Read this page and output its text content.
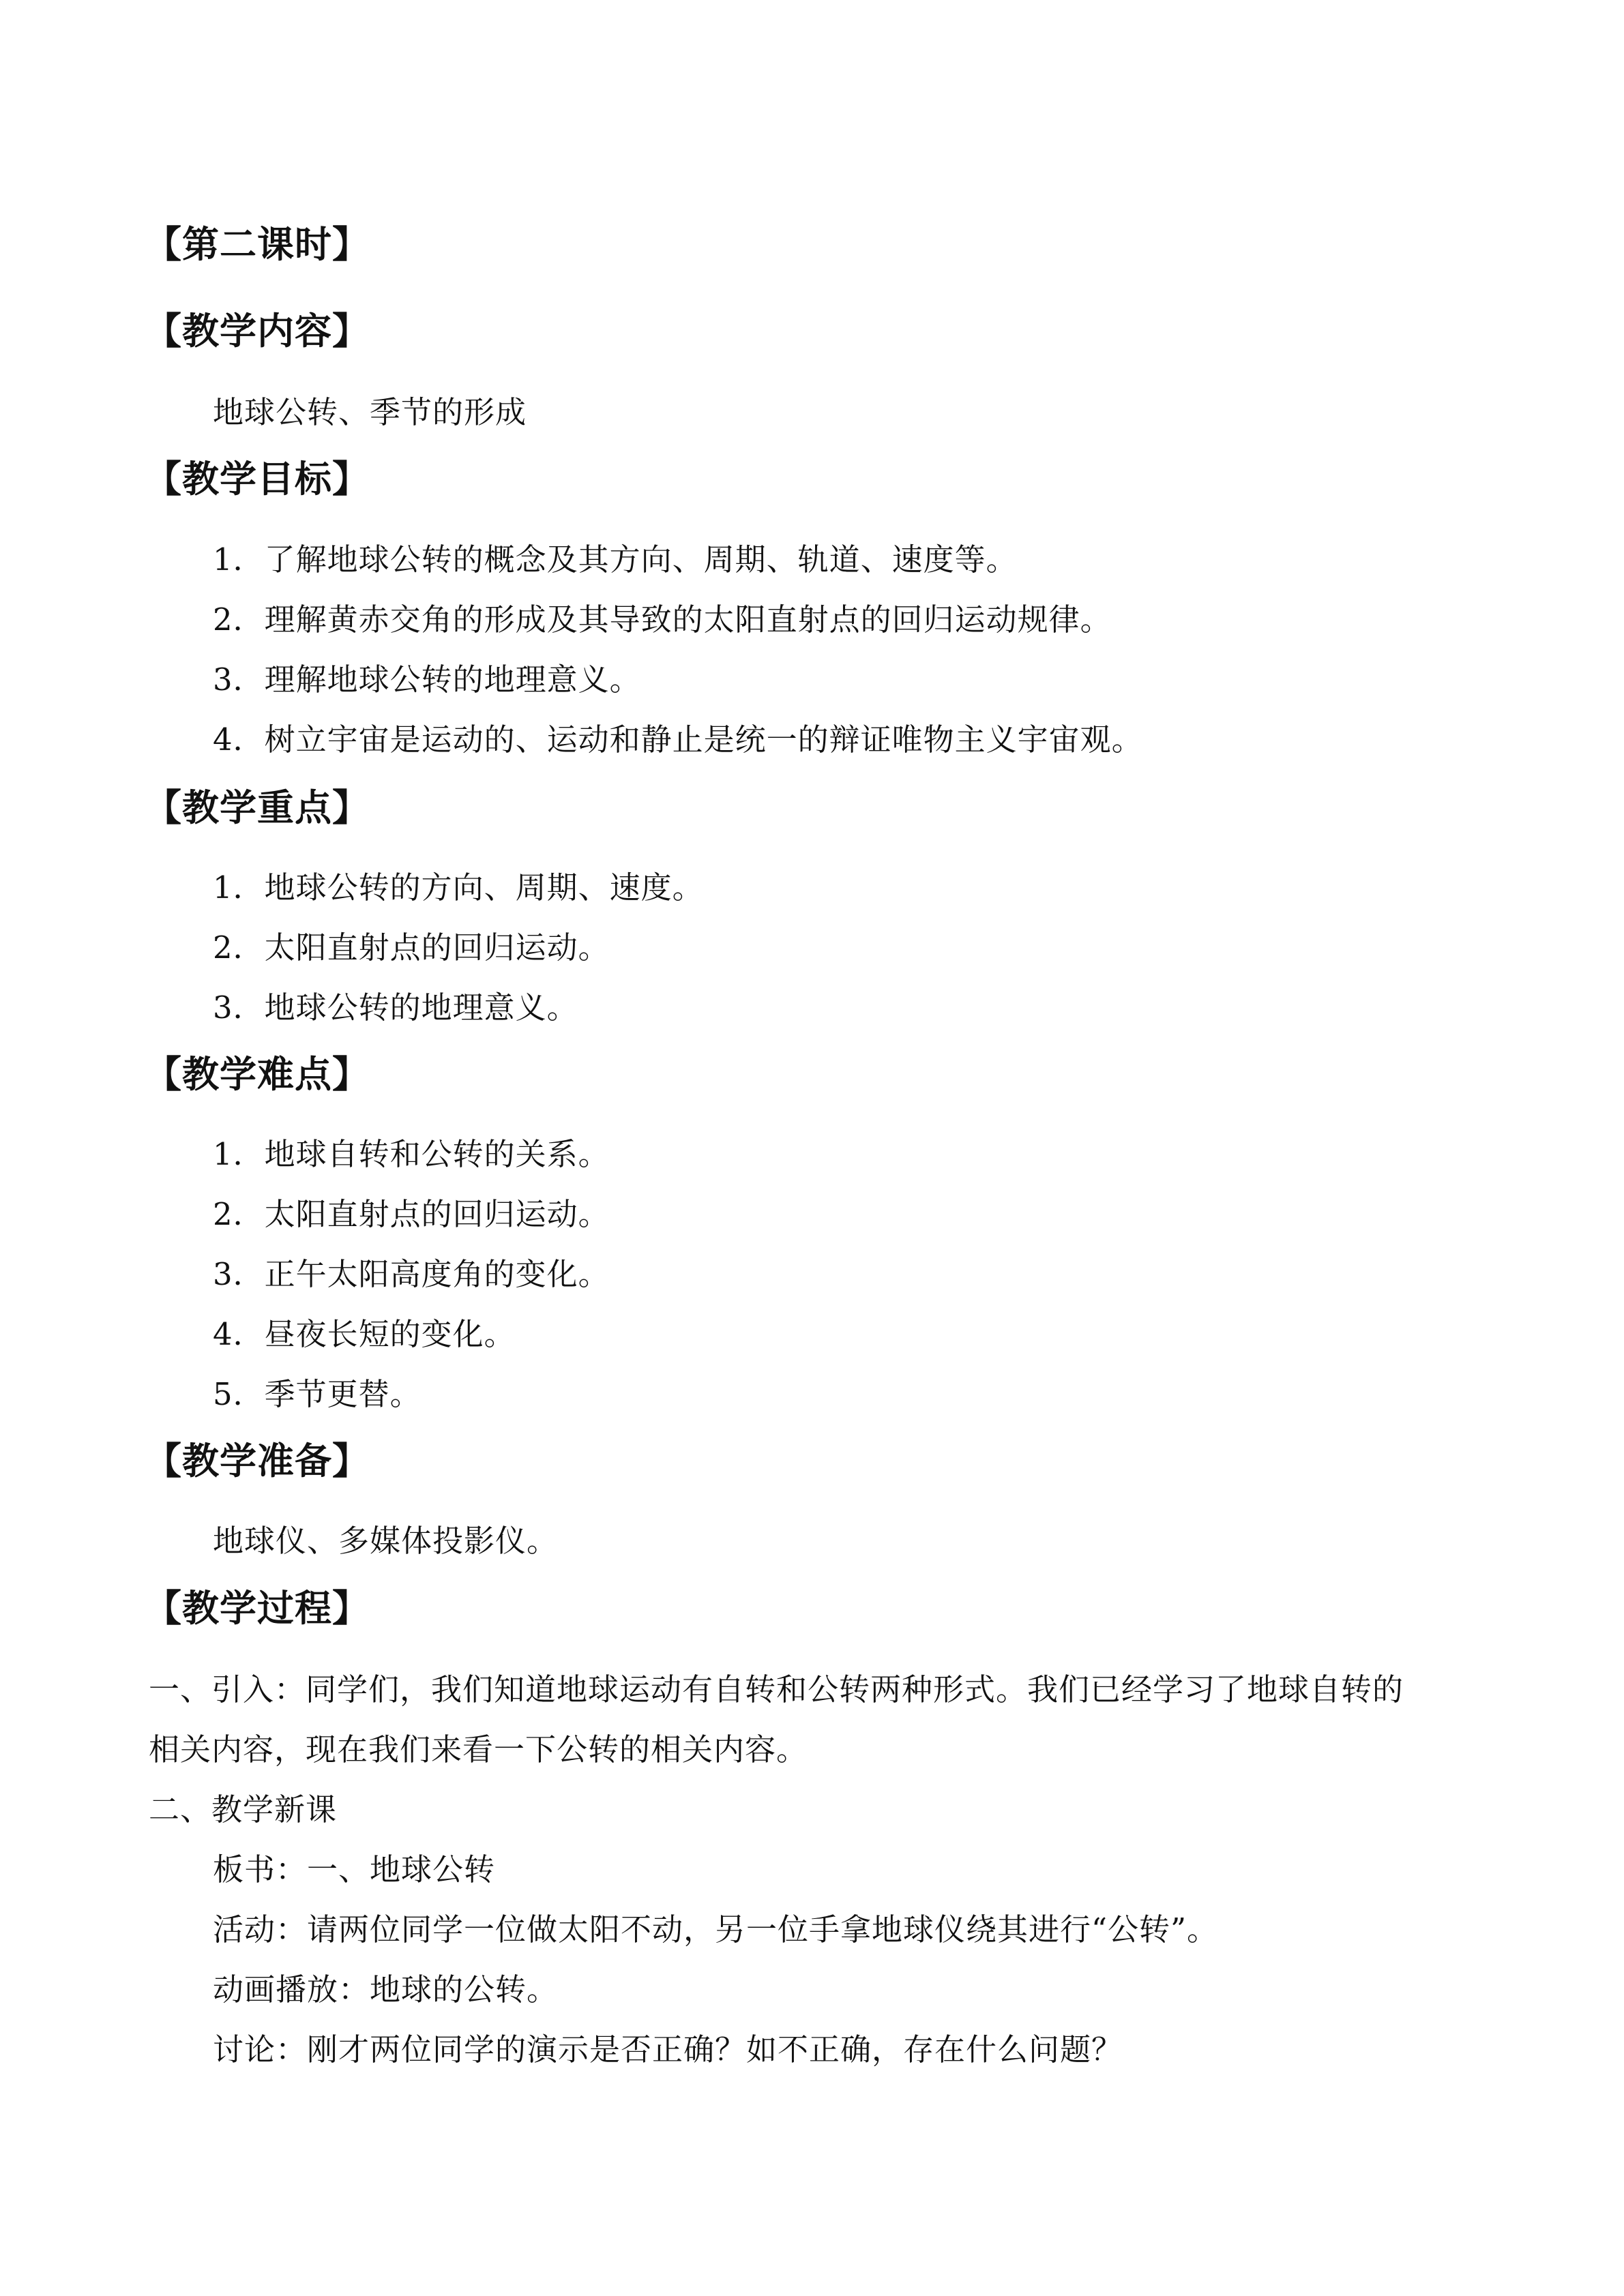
【第二课时】
【教学内容】
地球公转、季节的形成
【教学目标】
1．了解地球公转的概念及其方向、周期、轨道、速度等。
2．理解黄赤交角的形成及其导致的太阳直射点的回归运动规律。
3．理解地球公转的地理意义。
4．树立宇宙是运动的、运动和静止是统一的辩证唯物主义宇宙观。
【教学重点】
1．地球公转的方向、周期、速度。
2．太阳直射点的回归运动。
3．地球公转的地理意义。
【教学难点】
1．地球自转和公转的关系。
2．太阳直射点的回归运动。
3．正午太阳高度角的变化。
4．昼夜长短的变化。
5．季节更替。
【教学准备】
地球仪、多媒体投影仪。
【教学过程】
一、引入：同学们，我们知道地球运动有自转和公转两种形式。我们已经学习了地球自转的
相关内容，现在我们来看一下公转的相关内容。
二、教学新课
板书：一、地球公转
活动：请两位同学一位做太阳不动，另一位手拿地球仪绕其进行“公转”。
动画播放：地球的公转。
讨论：刚才两位同学的演示是否正确？如不正确，存在什么问题？
